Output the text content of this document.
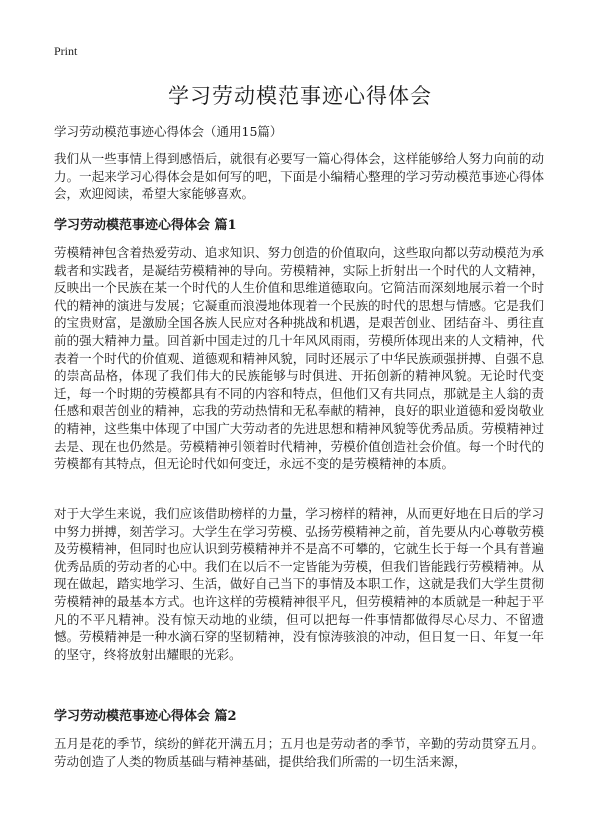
Print
学习劳动模范事迹心得体会

学习劳动模范事迹心得体会（通用15篇）

我们从一些事情上得到感悟后，就很有必要写一篇心得体会，这样能够给人努力向前的动力。一起来学习心得体会是如何写的吧，下面是小编精心整理的学习劳动模范事迹心得体会，欢迎阅读，希望大家能够喜欢。

学习劳动模范事迹心得体会 篇1

劳模精神包含着热爱劳动、追求知识、努力创造的价值取向，这些取向都以劳动模范为承载者和实践者，是凝结劳模精神的导向。劳模精神，实际上折射出一个时代的人文精神，反映出一个民族在某一个时代的人生价值和思维道德取向。它简洁而深刻地展示着一个时代的精神的演进与发展；它凝重而浪漫地体现着一个民族的时代的思想与情感。它是我们的宝贵财富，是激励全国各族人民应对各种挑战和机遇，是艰苦创业、团结奋斗、勇往直前的强大精神力量。回首新中国走过的几十年风风雨雨，劳模所体现出来的人文精神，代表着一个时代的价值观、道德观和精神风貌，同时还展示了中华民族顽强拼搏、自强不息的崇高品格，体现了我们伟大的民族能够与时俱进、开拓创新的精神风貌。无论时代变迁，每一个时期的劳模都具有不同的内容和特点，但他们又有共同点，那就是主人翁的责任感和艰苦创业的精神，忘我的劳动热情和无私奉献的精神，良好的职业道德和爱岗敬业的精神，这些集中体现了中国广大劳动者的先进思想和精神风貌等优秀品质。劳模精神过去是、现在也仍然是。劳模精神引领着时代精神，劳模价值创造社会价值。每一个时代的劳模都有其特点，但无论时代如何变迁，永远不变的是劳模精神的本质。

对于大学生来说，我们应该借助榜样的力量，学习榜样的精神，从而更好地在日后的学习中努力拼搏，刻苦学习。大学生在学习劳模、弘扬劳模精神之前，首先要从内心尊敬劳模及劳模精神，但同时也应认识到劳模精神并不是高不可攀的，它就生长于每一个具有普遍优秀品质的劳动者的心中。我们在以后不一定皆能为劳模，但我们皆能践行劳模精神。从现在做起，踏实地学习、生活，做好自己当下的事情及本职工作，这就是我们大学生贯彻劳模精神的最基本方式。也许这样的劳模精神很平凡，但劳模精神的本质就是一种起于平凡的不平凡精神。没有惊天动地的业绩，但可以把每一件事情都做得尽心尽力、不留遗憾。劳模精神是一种水滴石穿的坚韧精神，没有惊涛骇浪的冲动，但日复一日、年复一年的坚守，终将放射出耀眼的光彩。

学习劳动模范事迹心得体会 篇2

五月是花的季节，缤纷的鲜花开满五月；五月也是劳动者的季节，辛勤的劳动贯穿五月。劳动创造了人类的物质基础与精神基础，提供给我们所需的一切生活来源，
